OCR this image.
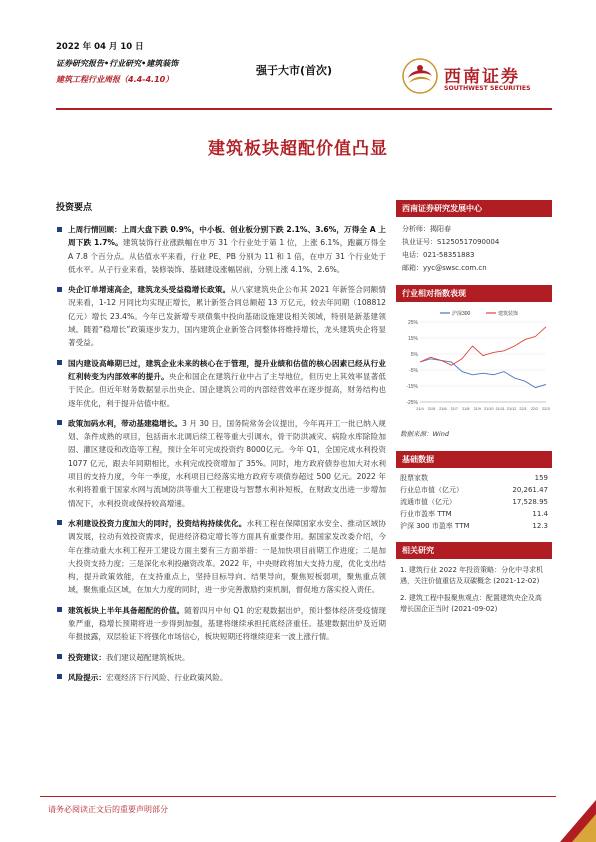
2022 年 04 月 10 日
证券研究报告•行业研究•建筑装饰
建筑工程行业周报（4.4-4.10）
强于大市(首次)	西南证券
SOUTHWEST SECURITIES
建筑板块超配价值凸显
投资要点
上周行情回顾：上周大盘下跌 0.9%，中小板、创业板分别下跌 2.1%、3.6%，万得全 A 上周下跌 1.7%。建筑装饰行业涨跌幅在申万 31 个行业处于第 1 位，上涨 6.1%，跑赢万得全 A 7.8 个百分点。从估值水平来看，行业 PE、PB 分别为 11 和 1 倍，在申万 31 个行业处于低水平。从子行业来看，装修装饰、基础建设涨幅居前，分别上涨 4.1%、2.6%。
央企订单增速高企，建筑龙头受益稳增长政策。从八家建筑央企公布其 2021 年新签合同额情况来看，1-12 月同比均实现正增长，累计新签合同总额超 13 万亿元，较去年同期（108812 亿元）增长 23.4%。今年已发新增专项债集中投向基础设施建设相关领域，特别是新基建领域。随着“稳增长”政策逐步发力，国内建筑企业新签合同整体将维持增长，龙头建筑央企将显著受益。
国内建设高峰期已过，建筑企业未来的核心在于管理，提升业绩和估值的核心因素已经从行业红利转变为内部效率的提升。央企和国企在建筑行业中占了主导地位，但历史上其效率显著低于民企。但近年财务数据显示出央企、国企建筑公司的内部经营效率在逐步提高，财务结构也逐年优化，利于提升估值中枢。
政策加码水利，带动基建稳增长。3 月 30 日，国务院常务会议提出，今年再开工一批已纳入规划、条件成熟的项目，包括南水北调后续工程等重大引调水，骨干防洪减灾、病险水库除险加固、灌区建设和改造等工程，预计全年可完成投资约 8000亿元。今年 Q1，全国完成水利投资 1077 亿元，跟去年同期相比，水利完成投资增加了 35%。同时，地方政府债券也加大对水利项目的支持力度，今年一季度，水利项目已经落实地方政府专项债券超过 500 亿元。2022 年水利将着重于国家水网与流域防洪等重大工程建设与智慧水利补短板，在财政支出进一步增加情况下，水利投资或保持较高增速。
水利建设投资力度加大的同时，投资结构持续优化。水利工程在保障国家水安全、推动区域协调发展，拉动有效投资需求，促进经济稳定增长等方面具有重要作用。据国家发改委介绍，今年在推动重大水利工程开工建设方面主要有三方面举措：一是加快项目前期工作进度；二是加大投资支持力度；三是深化水利投融资改革。2022 年，中央财政将加大支持力度，优化支出结构，提升政策效能，在支持重点上，坚持目标导向、结果导向，聚焦短板弱项，聚焦重点领域，聚焦重点区域，在加大力度的同时，进一步完善激励约束机制，督促地方落实投入责任。
建筑板块上半年具备超配的价值。随着四月中旬 Q1 的宏观数据出炉，预计整体经济受疫情现象严重，稳增长预期将进一步得到加强，基建将继续承担托底经济重任。基建数据出炉及近期年报披露，双层验证下将强化市场信心，板块短期还将继续迎来一波上涨行情。
投资建议：我们建议超配建筑板块。
风险提示：宏观经济下行风险、行业政策风险。
西南证券研究发展中心
分析师：揭阳春
执业证号：S1250517090004
电话：021-58351883
邮箱：yyc@swsc.com.cn
行业相对指数表现
-25%
-15%
-5%
5%
15%
25%
21/4 21/5 21/6 21/7 21/8 21/9 21/10 21/11 21/12 22/1 22/2 22/3
沪深300	建筑装饰
数据来源：Wind
基础数据
股票家数	159
行业总市值（亿元）	20,261.47
流通市值（亿元）	17,528.95
行业市盈率 TTM	11.4
沪深 300 市盈率 TTM	12.3
相关研究
1. 建筑行业 2022 年投资策略：分化中寻求机遇，关注价值重估及双碳概念 (2021-12-02)
2. 建筑工程中报聚焦观点：配置建筑央企及高增长国企正当时 (2021-09-02)
请务必阅读正文后的重要声明部分
